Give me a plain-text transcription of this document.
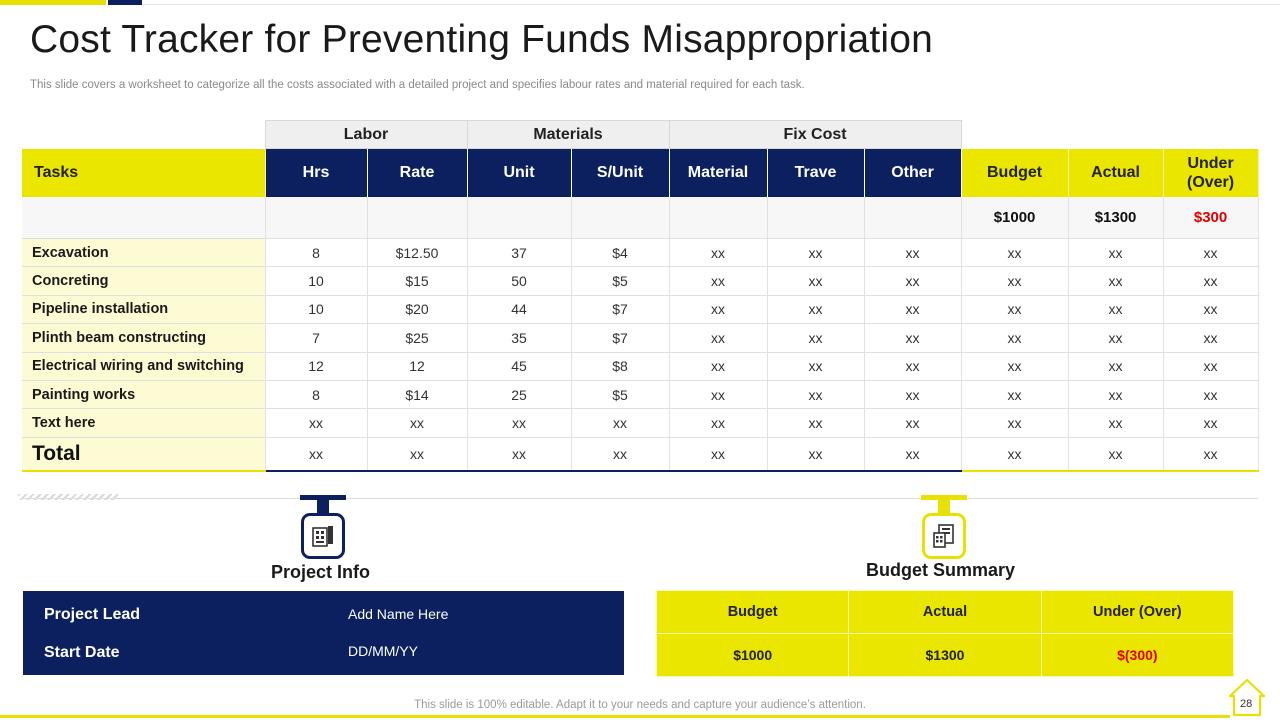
Cost Tracker for Preventing Funds Misappropriation
This slide covers a worksheet to categorize all the costs associated with a detailed project and specifies labour rates and material required for each task.
	Labor		Materials		Fix Cost					
Tasks	Hrs	Rate	Unit	S/Unit	Material	Trave	Other	Budget	Actual	Under (Over)
								$1000	$1300	$300
Excavation	8	$12.50	37	$4	xx	xx	xx	xx	xx	xx
Concreting	10	$15	50	$5	xx	xx	xx	xx	xx	xx
Pipeline installation	10	$20	44	$7	xx	xx	xx	xx	xx	xx
Plinth beam constructing	7	$25	35	$7	xx	xx	xx	xx	xx	xx
Electrical wiring and switching	12	12	45	$8	xx	xx	xx	xx	xx	xx
Painting works	8	$14	25	$5	xx	xx	xx	xx	xx	xx
Text here	xx	xx	xx	xx	xx	xx	xx	xx	xx	xx
Total	xx	xx	xx	xx	xx	xx	xx	xx	xx	xx
Project Info
Project Lead	Add Name Here
Start Date	DD/MM/YY
Budget Summary
Budget	Actual	Under (Over)
$1000	$1300	$(300)
This slide is 100% editable. Adapt it to your needs and capture your audience’s attention.	28
